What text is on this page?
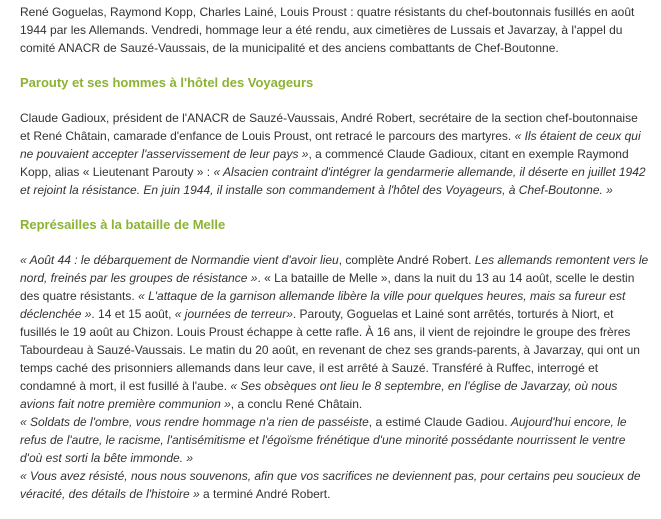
René Goguelas, Raymond Kopp, Charles Lainé, Louis Proust : quatre résistants du chef-boutonnais fusillés en août 1944 par les Allemands. Vendredi, hommage leur a été rendu, aux cimetières de Lussais et Javarzay, à l'appel du comité ANACR de Sauzé-Vaussais, de la municipalité et des anciens combattants de Chef-Boutonne.

Parouty et ses hommes à l'hôtel des Voyageurs

Claude Gadioux, président de l'ANACR de Sauzé-Vaussais, André Robert, secrétaire de la section chef-boutonnaise et René Châtain, camarade d'enfance de Louis Proust, ont retracé le parcours des martyres. « Ils étaient de ceux qui ne pouvaient accepter l'asservissement de leur pays », a commencé Claude Gadioux, citant en exemple Raymond Kopp, alias « Lieutenant Parouty » : « Alsacien contraint d'intégrer la gendarmerie allemande, il déserte en juillet 1942 et rejoint la résistance. En juin 1944, il installe son commandement à l'hôtel des Voyageurs, à Chef-Boutonne. »

Représailles à la bataille de Melle

« Août 44 : le débarquement de Normandie vient d'avoir lieu, complète André Robert. Les allemands remontent vers le nord, freinés par les groupes de résistance ». « La bataille de Melle », dans la nuit du 13 au 14 août, scelle le destin des quatre résistants. « L'attaque de la garnison allemande libère la ville pour quelques heures, mais sa fureur est déclenchée ». 14 et 15 août, « journées de terreur». Parouty, Goguelas et Lainé sont arrêtés, torturés à Niort, et fusillés le 19 août au Chizon. Louis Proust échappe à cette rafle. À 16 ans, il vient de rejoindre le groupe des frères Tabourdeau à Sauzé-Vaussais. Le matin du 20 août, en revenant de chez ses grands-parents, à Javarzay, qui ont un temps caché des prisonniers allemands dans leur cave, il est arrêté à Sauzé. Transféré à Ruffec, interrogé et condamné à mort, il est fusillé à l'aube. « Ses obsèques ont lieu le 8 septembre, en l'église de Javarzay, où nous avions fait notre première communion », a conclu René Châtain.

« Soldats de l'ombre, vous rendre hommage n'a rien de passéiste, a estimé Claude Gadiou. Aujourd'hui encore, le refus de l'autre, le racisme, l'antisémitisme et l'égoïsme frénétique d'une minorité possédante nourrissent le ventre d'où est sorti la bête immonde. »

« Vous avez résisté, nous nous souvenons, afin que vos sacrifices ne deviennent pas, pour certains peu soucieux de véracité, des détails de l'histoire » a terminé André Robert.
